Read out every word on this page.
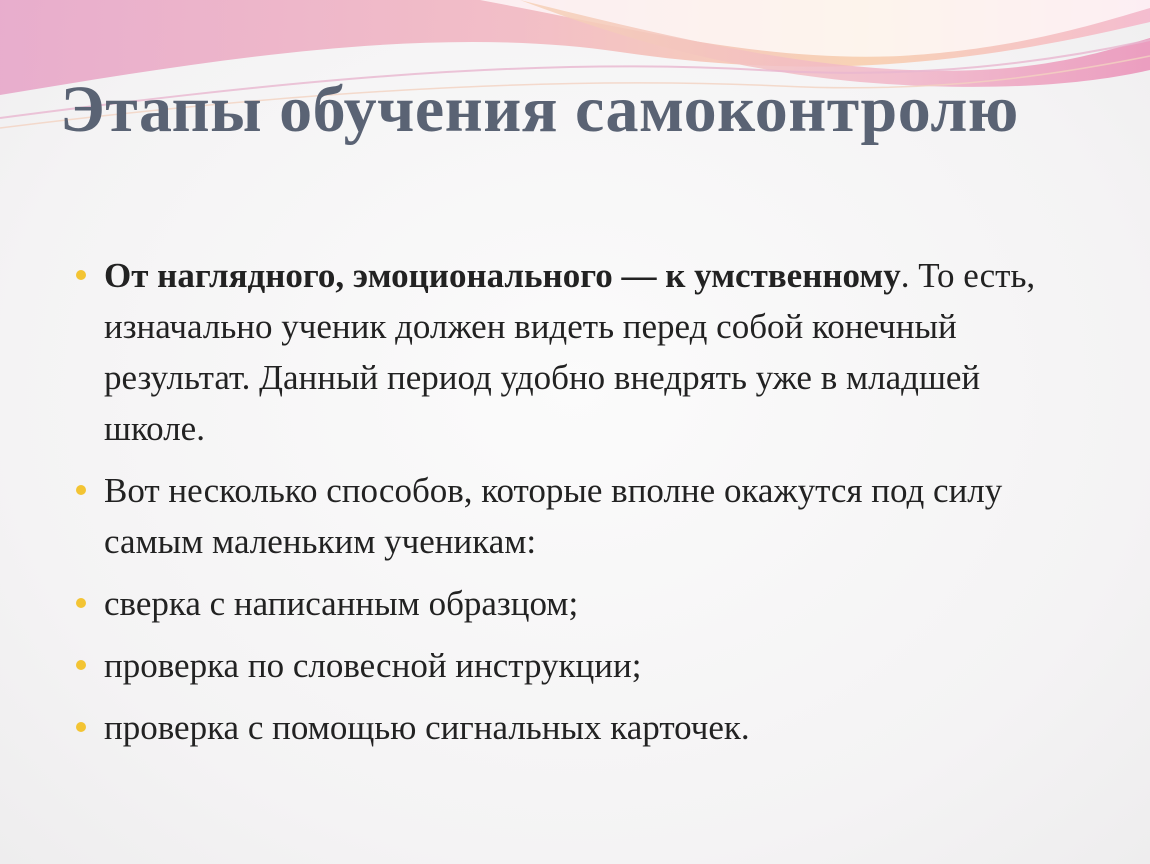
Этапы обучения самоконтролю
От наглядного, эмоционального — к умственному. То есть, изначально ученик должен видеть перед собой конечный результат. Данный период удобно внедрять уже в младшей школе.
Вот несколько способов, которые вполне окажутся под силу самым маленьким ученикам:
сверка с написанным образцом;
проверка по словесной инструкции;
проверка с помощью сигнальных карточек.
